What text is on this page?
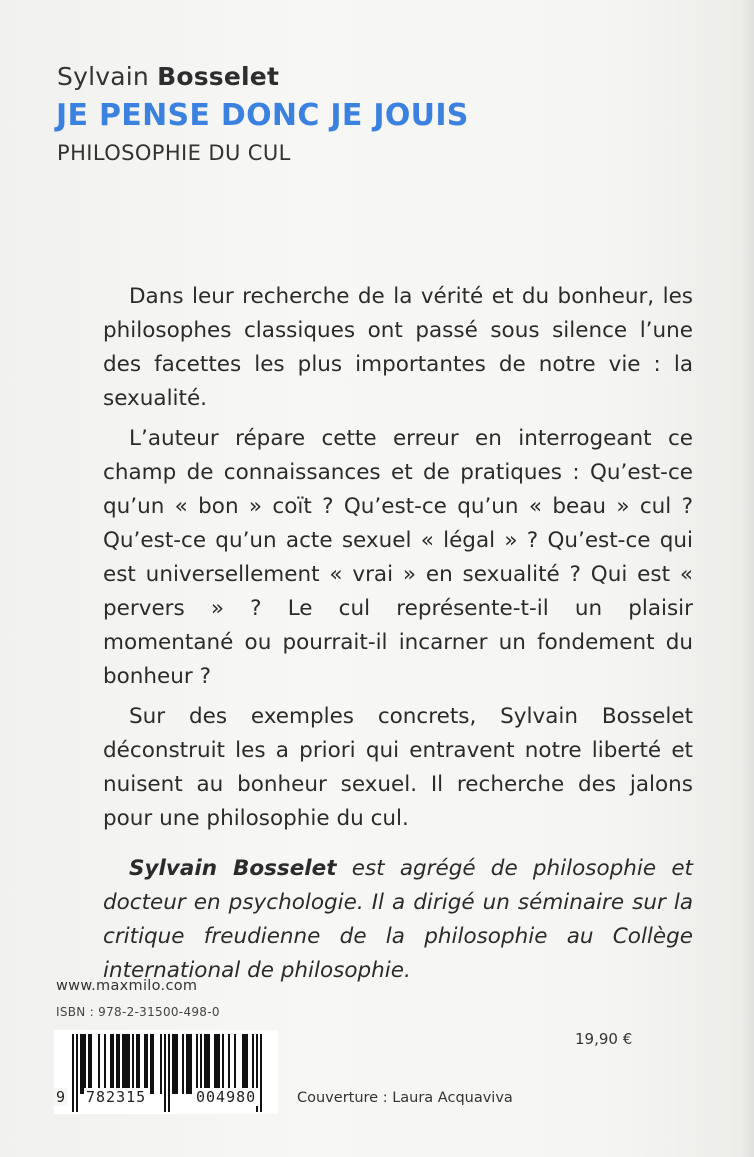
Sylvain Bosselet
JE PENSE DONC JE JOUIS
PHILOSOPHIE DU CUL

Dans leur recherche de la vérité et du bonheur, les philosophes classiques ont passé sous silence l’une des facettes les plus importantes de notre vie : la sexualité.

L’auteur répare cette erreur en interrogeant ce champ de connaissances et de pratiques : Qu’est-ce qu’un « bon » coït ? Qu’est-ce qu’un « beau » cul ? Qu’est-ce qu’un acte sexuel « légal » ? Qu’est-ce qui est universellement « vrai » en sexualité ? Qui est « pervers » ? Le cul représente-t-il un plaisir momentané ou pourrait-il incarner un fondement du bonheur ?

Sur des exemples concrets, Sylvain Bosselet déconstruit les a priori qui entravent notre liberté et nuisent au bonheur sexuel. Il recherche des jalons pour une philosophie du cul.

Sylvain Bosselet est agrégé de philosophie et docteur en psychologie. Il a dirigé un séminaire sur la critique freudienne de la philosophie au Collège international de philosophie.

www.maxmilo.com
ISBN : 978-2-31500-498-0
19,90 €
9 782315	004980	Couverture : Laura Acquaviva
